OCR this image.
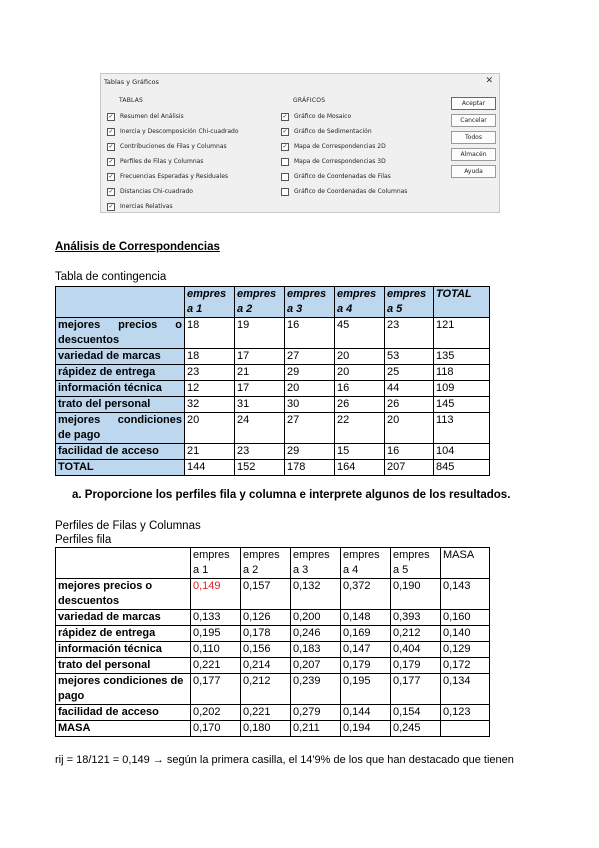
Tablas y Gráficos	✕
TABLAS
✓ Resumen del Análisis
✓ Inercia y Descomposición Chi-cuadrado
✓ Contribuciones de Filas y Columnas
✓ Perfiles de Filas y Columnas
✓ Frecuencias Esperadas y Residuales
✓ Distancias Chi-cuadrado
✓ Inercias Relativas
GRÁFICOS
✓ Gráfico de Mosaico
✓ Gráfico de Sedimentación
✓ Mapa de Correspondencias 2D
Mapa de Correspondencias 3D
Gráfico de Coordenadas de Filas
Gráfico de Coordenadas de Columnas
Aceptar
Cancelar
Todos
Almacén
Ayuda
Análisis de Correspondencias
Tabla de contingencia
	empres a 1	empres a 2	empres a 3	empres a 4	empres a 5	TOTAL
mejores precios o descuentos	18	19	16	45	23	121
variedad de marcas	18	17	27	20	53	135
rápidez de entrega	23	21	29	20	25	118
información técnica	12	17	20	16	44	109
trato del personal	32	31	30	26	26	145
mejores condiciones de pago	20	24	27	22	20	113
facilidad de acceso	21	23	29	15	16	104
TOTAL	144	152	178	164	207	845
a. Proporcione los perfiles fila y columna e interprete algunos de los resultados.
Perfiles de Filas y Columnas
Perfiles fila
	empres a 1	empres a 2	empres a 3	empres a 4	empres a 5	MASA
mejores precios o descuentos	0,149	0,157	0,132	0,372	0,190	0,143
variedad de marcas	0,133	0,126	0,200	0,148	0,393	0,160
rápidez de entrega	0,195	0,178	0,246	0,169	0,212	0,140
información técnica	0,110	0,156	0,183	0,147	0,404	0,129
trato del personal	0,221	0,214	0,207	0,179	0,179	0,172
mejores condiciones de pago	0,177	0,212	0,239	0,195	0,177	0,134
facilidad de acceso	0,202	0,221	0,279	0,144	0,154	0,123
MASA	0,170	0,180	0,211	0,194	0,245	
rij = 18/121 = 0,149 → según la primera casilla, el 14'9% de los que han destacado que tienen
